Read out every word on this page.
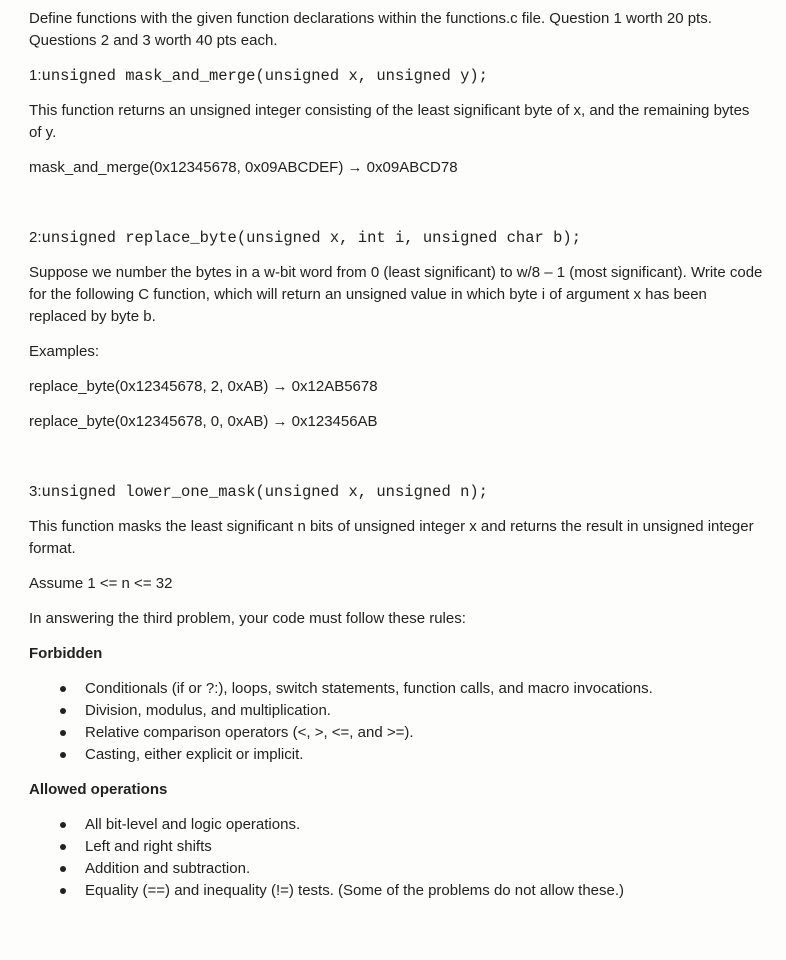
Define functions with the given function declarations within the functions.c file. Question 1 worth 20 pts. Questions 2 and 3 worth 40 pts each.

1:unsigned mask_and_merge(unsigned x, unsigned y);

This function returns an unsigned integer consisting of the least significant byte of x, and the remaining bytes of y.

mask_and_merge(0x12345678, 0x09ABCDEF) → 0x09ABCD78

2:unsigned replace_byte(unsigned x, int i, unsigned char b);

Suppose we number the bytes in a w-bit word from 0 (least significant) to w/8 – 1 (most significant). Write code for the following C function, which will return an unsigned value in which byte i of argument x has been replaced by byte b.

Examples:

replace_byte(0x12345678, 2, 0xAB) → 0x12AB5678

replace_byte(0x12345678, 0, 0xAB) → 0x123456AB

3:unsigned lower_one_mask(unsigned x, unsigned n);

This function masks the least significant n bits of unsigned integer x and returns the result in unsigned integer format.

Assume 1 <= n <= 32

In answering the third problem, your code must follow these rules:

Forbidden

Conditionals (if or ?:), loops, switch statements, function calls, and macro invocations.
Division, modulus, and multiplication.
Relative comparison operators (<, >, <=, and >=).
Casting, either explicit or implicit.

Allowed operations

All bit-level and logic operations.
Left and right shifts
Addition and subtraction.
Equality (==) and inequality (!=) tests. (Some of the problems do not allow these.)
